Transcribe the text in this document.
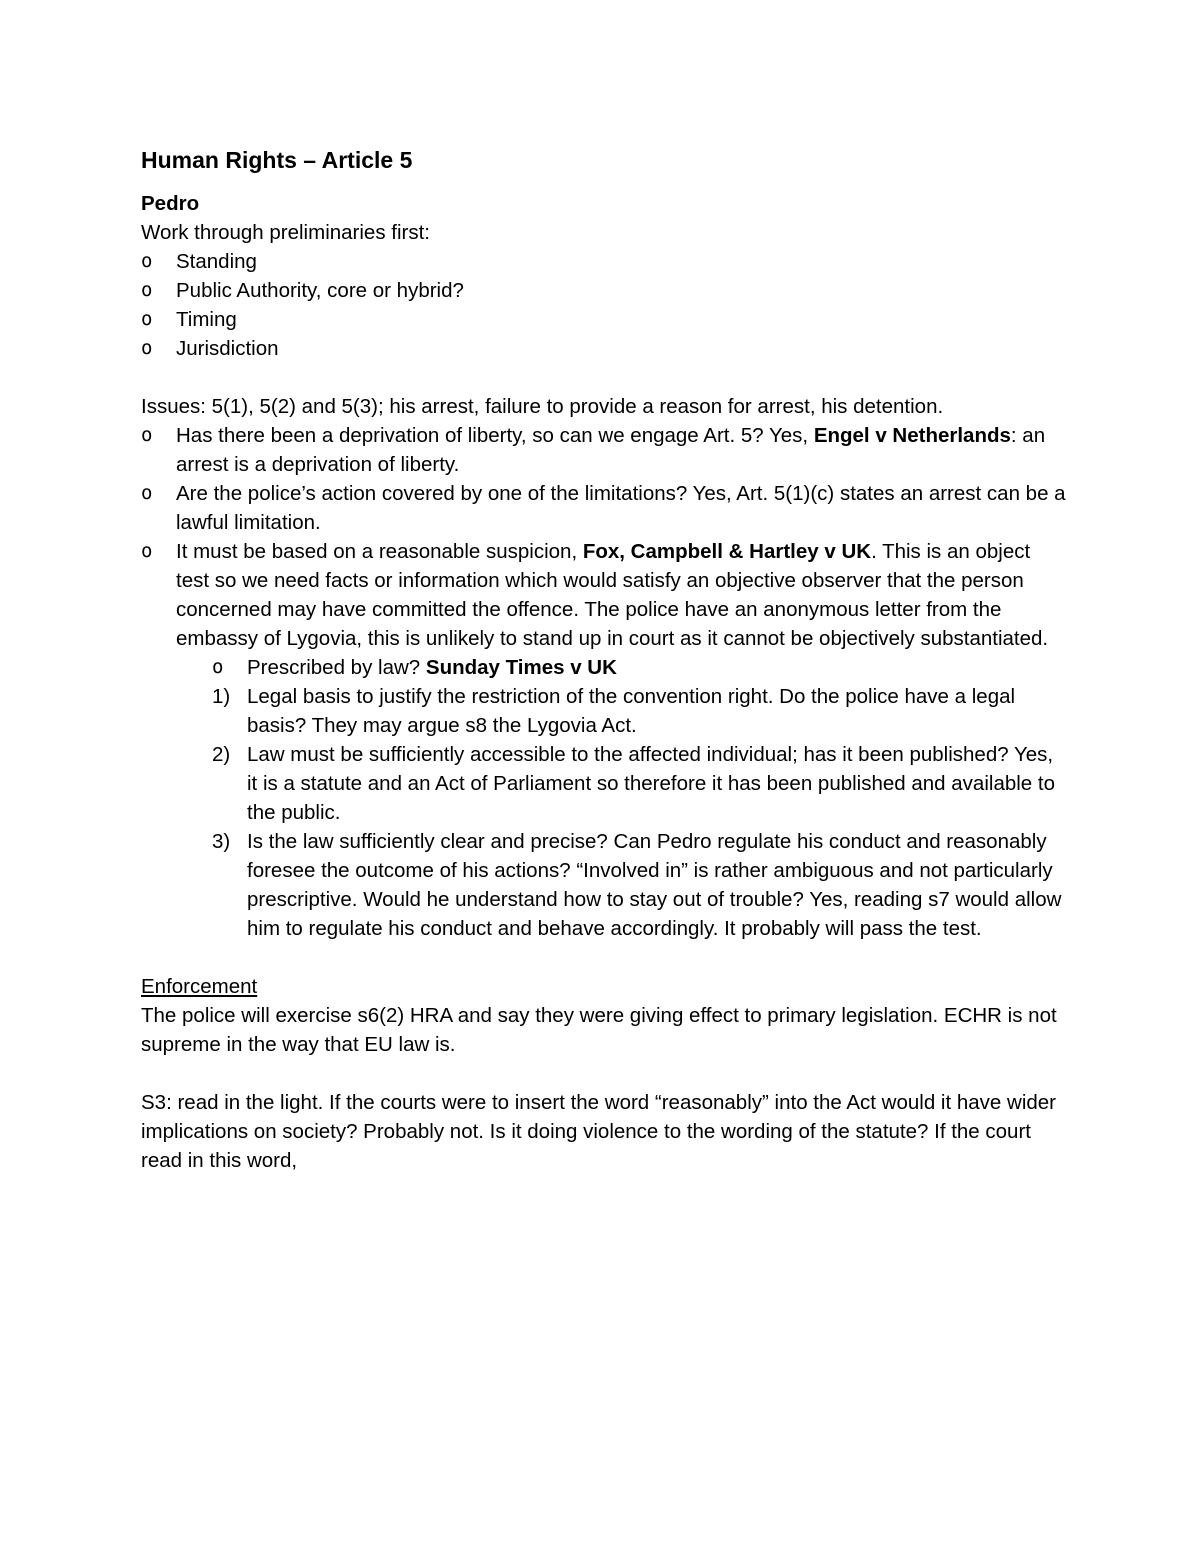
Human Rights – Article 5

Pedro

Work through preliminaries first:

o Standing
o Public Authority, core or hybrid?
o Timing
o Jurisdiction

Issues: 5(1), 5(2) and 5(3); his arrest, failure to provide a reason for arrest, his detention.

o Has there been a deprivation of liberty, so can we engage Art. 5? Yes, Engel v Netherlands: an arrest is a deprivation of liberty.
o Are the police’s action covered by one of the limitations? Yes, Art. 5(1)(c) states an arrest can be a lawful limitation.
o It must be based on a reasonable suspicion, Fox, Campbell & Hartley v UK. This is an object test so we need facts or information which would satisfy an objective observer that the person concerned may have committed the offence. The police have an anonymous letter from the embassy of Lygovia, this is unlikely to stand up in court as it cannot be objectively substantiated.
o Prescribed by law? Sunday Times v UK
1) Legal basis to justify the restriction of the convention right. Do the police have a legal basis? They may argue s8 the Lygovia Act.
2) Law must be sufficiently accessible to the affected individual; has it been published? Yes, it is a statute and an Act of Parliament so therefore it has been published and available to the public.
3) Is the law sufficiently clear and precise? Can Pedro regulate his conduct and reasonably foresee the outcome of his actions? “Involved in” is rather ambiguous and not particularly prescriptive. Would he understand how to stay out of trouble? Yes, reading s7 would allow him to regulate his conduct and behave accordingly. It probably will pass the test.

Enforcement

The police will exercise s6(2) HRA and say they were giving effect to primary legislation. ECHR is not supreme in the way that EU law is.

S3: read in the light. If the courts were to insert the word “reasonably” into the Act would it have wider implications on society? Probably not. Is it doing violence to the wording of the statute? If the court read in this word,
